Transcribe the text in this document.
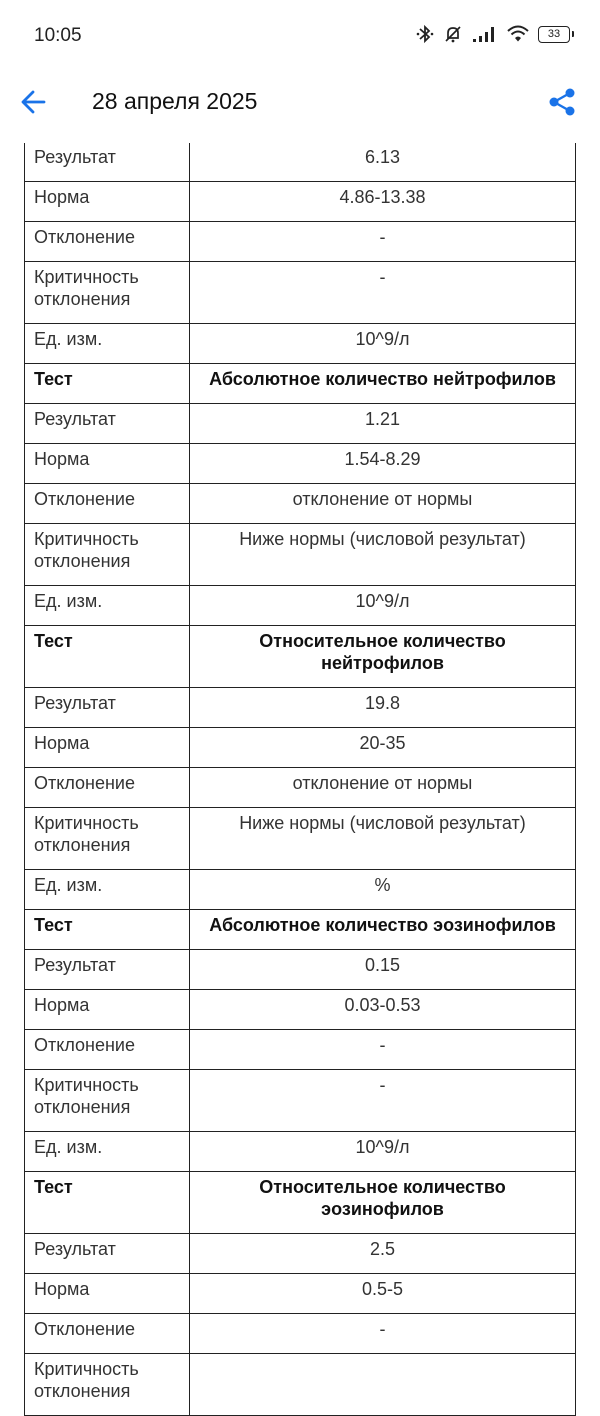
10:05	33
28 апреля 2025
Результат	6.13
Норма	4.86-13.38
Отклонение	-
Критичность отклонения	-
Ед. изм.	10^9/л
Тест	Абсолютное количество нейтрофилов
Результат	1.21
Норма	1.54-8.29
Отклонение	отклонение от нормы
Критичность отклонения	Ниже нормы (числовой результат)
Ед. изм.	10^9/л
Тест	Относительное количество нейтрофилов
Результат	19.8
Норма	20-35
Отклонение	отклонение от нормы
Критичность отклонения	Ниже нормы (числовой результат)
Ед. изм.	%
Тест	Абсолютное количество эозинофилов
Результат	0.15
Норма	0.03-0.53
Отклонение	-
Критичность отклонения	-
Ед. изм.	10^9/л
Тест	Относительное количество эозинофилов
Результат	2.5
Норма	0.5-5
Отклонение	-
Критичность отклонения	
